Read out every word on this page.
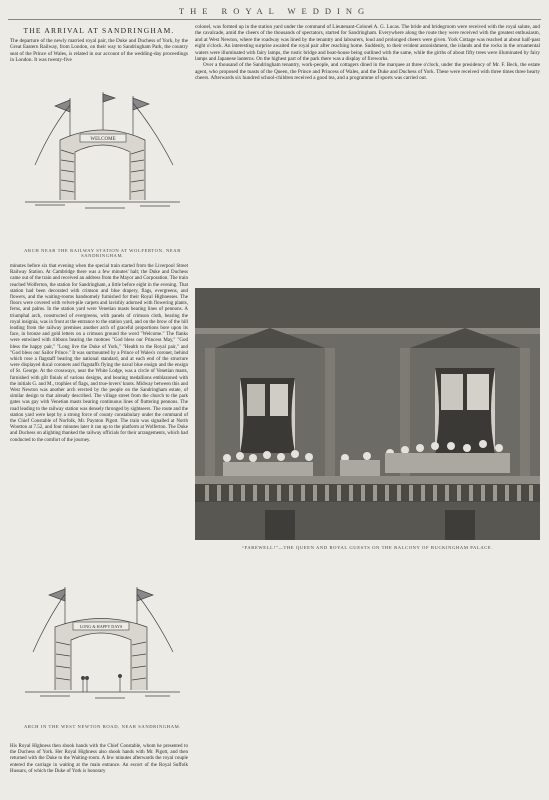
THE ROYAL WEDDING
THE ARRIVAL AT SANDRINGHAM.

The departure of the newly married royal pair, the Duke and Duchess of York, by the Great Eastern Railway, from London, on their way to Sandringham Park, the country seat of the Prince of Wales, is related in our account of the wedding-day proceedings in London. It was twenty-five

WELCOME
ARCH NEAR THE RAILWAY STATION AT WOLFERTON, NEAR SANDRINGHAM.

minutes before six that evening when the special train started from the Liverpool Street Railway Station. At Cambridge there was a few minutes' halt; the Duke and Duchess came out of the train and received an address from the Mayor and Corporation. The train reached Wolferton, the station for Sandringham, a little before eight in the evening. That station had been decorated with crimson and blue drapery, flags, evergreens, and flowers, and the waiting-rooms handsomely furnished for their Royal Highnesses. The floors were covered with velvet-pile carpets and lavishly adorned with flowering plants, ferns, and palms. In the station yard were Venetian masts bearing lines of pennons. A triumphal arch, constructed of evergreens, with panels of crimson cloth, bearing the royal insignia, was in front at the entrance to the station yard, and on the brow of the hill leading from the railway premises another arch of graceful proportions bore upon its face, in bronze and gold letters on a crimson ground the word "Welcome." The flanks were entwined with ribbons bearing the mottoes "God bless our Princess May," "God bless the happy pair," "Long live the Duke of York," "Health to the Royal pair," and "God bless our Sailor Prince." It was surmounted by a Prince of Wales's coronet, behind which rose a flagstaff bearing the national standard, and at each end of the structure were displayed ducal coronets and flagstaffs flying the naval blue ensign and the ensign of St. George. At the crossways, near the White Lodge, was a circle of Venetian masts, furnished with gilt finials of various designs, and bearing medallions emblazoned with the initials G. and M., trophies of flags, and true-lovers' knots. Midway between this and West Newton was another arch erected by the people on the Sandringham estate, of similar design to that already described. The village street from the church to the park gates was gay with Venetian masts bearing continuous lines of fluttering pennons. The road leading to the railway station was densely thronged by sightseers. The route and the station yard were kept by a strong force of county constabulary under the command of the Chief Constable of Norfolk, Mr. Paynton Pigott. The train was signalled at North Wootton at 7.52, and four minutes later it ran up to the platform at Wolferton. The Duke and Duchess on alighting thanked the railway officials for their arrangements, which had conducted to the comfort of the journey.

LONG & HAPPY DAYS
ARCH IN THE WEST NEWTON ROAD, NEAR SANDRINGHAM.

His Royal Highness then shook hands with the Chief Constable, whom he presented to the Duchess of York. Her Royal Highness also shook hands with Mr. Pigott, and then returned with the Duke to the Waiting-room. A few minutes afterwards the royal couple entered the carriage in waiting at the main entrance. An escort of the Royal Suffolk Hussars, of which the Duke of York is honorary

colonel, was formed up in the station yard under the command of Lieutenant-Colonel A. G. Lucas. The bride and bridegroom were received with the royal salute, and the cavalcade, amid the cheers of the thousands of spectators, started for Sandringham. Everywhere along the route they were received with the greatest enthusiasm, and at West Newton, where the roadway was lined by the tenantry and labourers, loud and prolonged cheers were given. York Cottage was reached at about half-past eight o'clock. An interesting surprise awaited the royal pair after reaching home. Suddenly, to their evident astonishment, the islands and the rocks in the ornamental waters were illuminated with fairy lamps, the rustic bridge and boat-house being outlined with the same, while the girths of about fifty trees were illuminated by fairy lamps and Japanese lanterns. On the highest part of the park there was a display of fireworks.

Over a thousand of the Sandringham tenantry, work-people, and cottagers dined in the marquee at three o'clock, under the presidency of Mr. F. Beck, the estate agent, who proposed the toasts of the Queen, the Prince and Princess of Wales, and the Duke and Duchess of York. These were received with three times three hearty cheers. Afterwards six hundred school-children received a good tea, and a programme of sports was carried out.

“FAREWELL!”—THE QUEEN AND ROYAL GUESTS ON THE BALCONY OF BUCKINGHAM PALACE.
